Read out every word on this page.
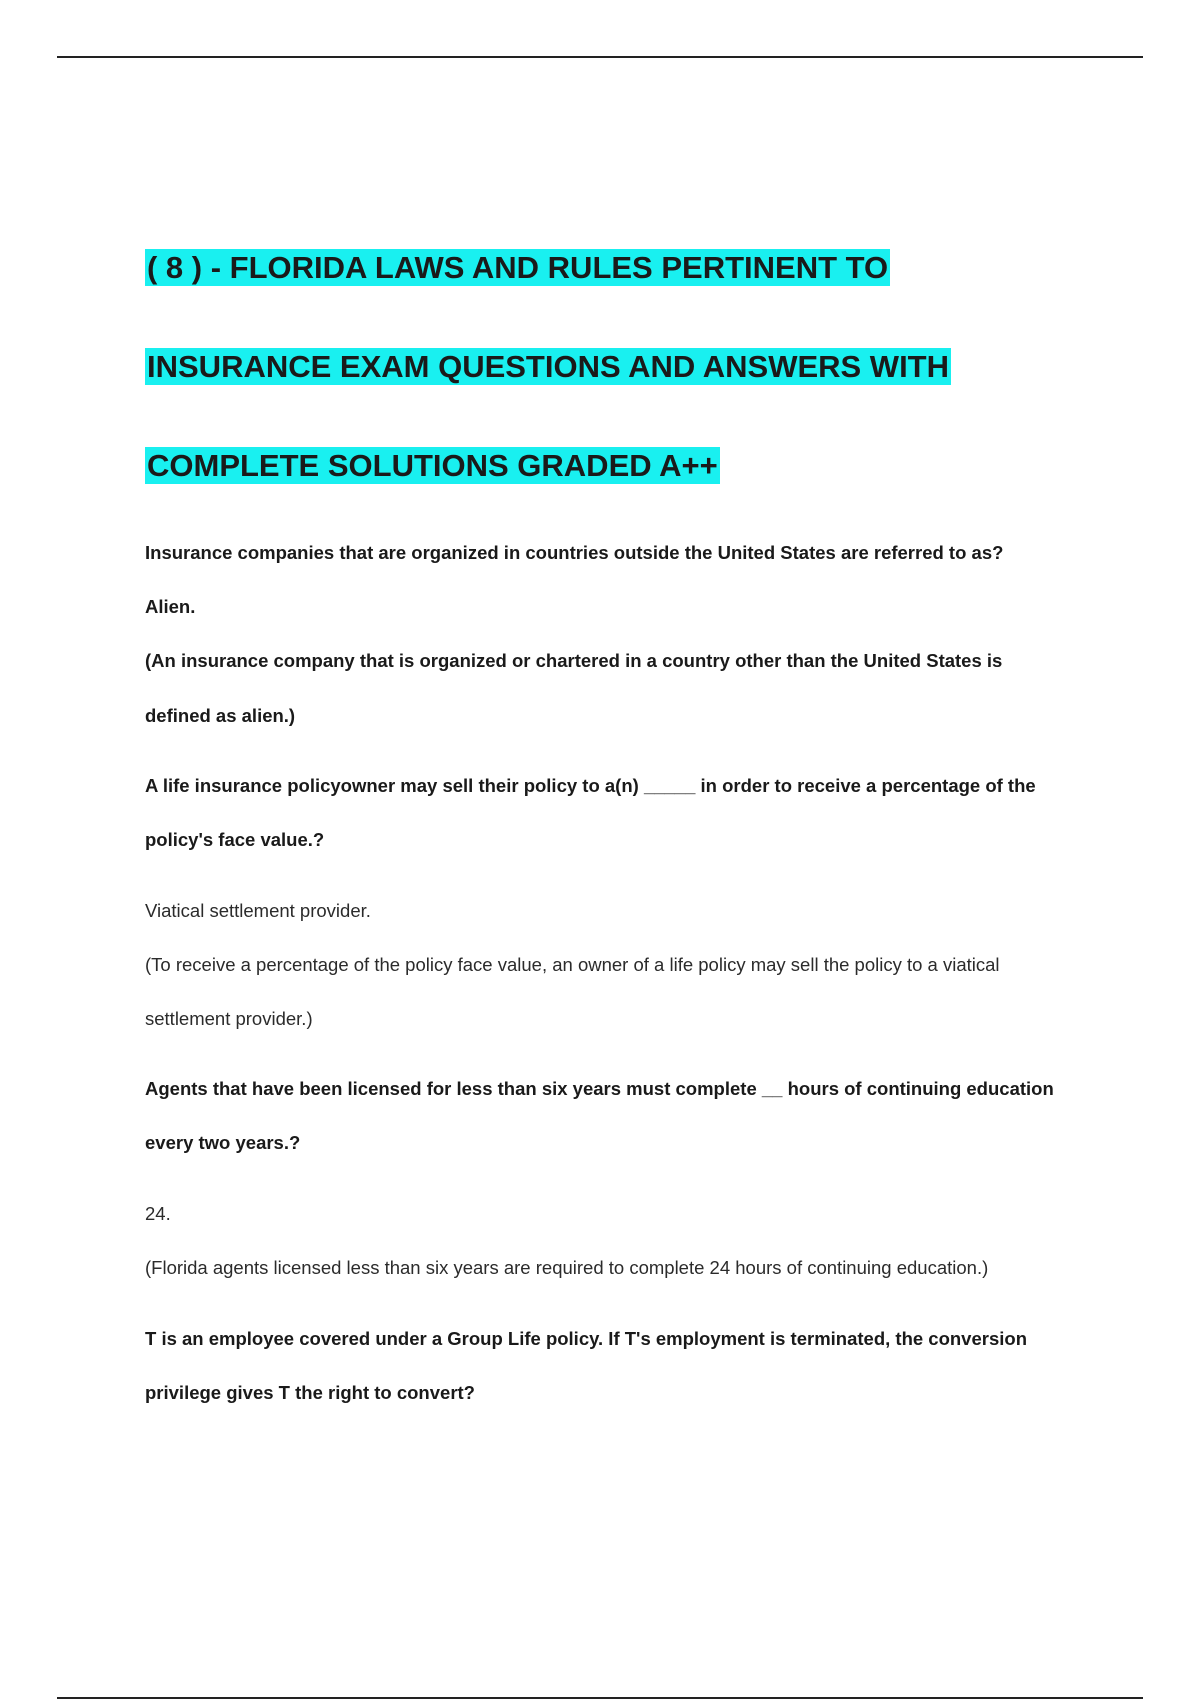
( 8 ) - FLORIDA LAWS AND RULES PERTINENT TO
INSURANCE EXAM QUESTIONS AND ANSWERS WITH
COMPLETE SOLUTIONS GRADED A++
Insurance companies that are organized in countries outside the United States are referred to as?
Alien.
(An insurance company that is organized or chartered in a country other than the United States is
defined as alien.)
A life insurance policyowner may sell their policy to a(n) _____ in order to receive a percentage of the
policy's face value.?
Viatical settlement provider.
(To receive a percentage of the policy face value, an owner of a life policy may sell the policy to a viatical
settlement provider.)
Agents that have been licensed for less than six years must complete __ hours of continuing education
every two years.?
24.
(Florida agents licensed less than six years are required to complete 24 hours of continuing education.)
T is an employee covered under a Group Life policy. If T's employment is terminated, the conversion
privilege gives T the right to convert?
